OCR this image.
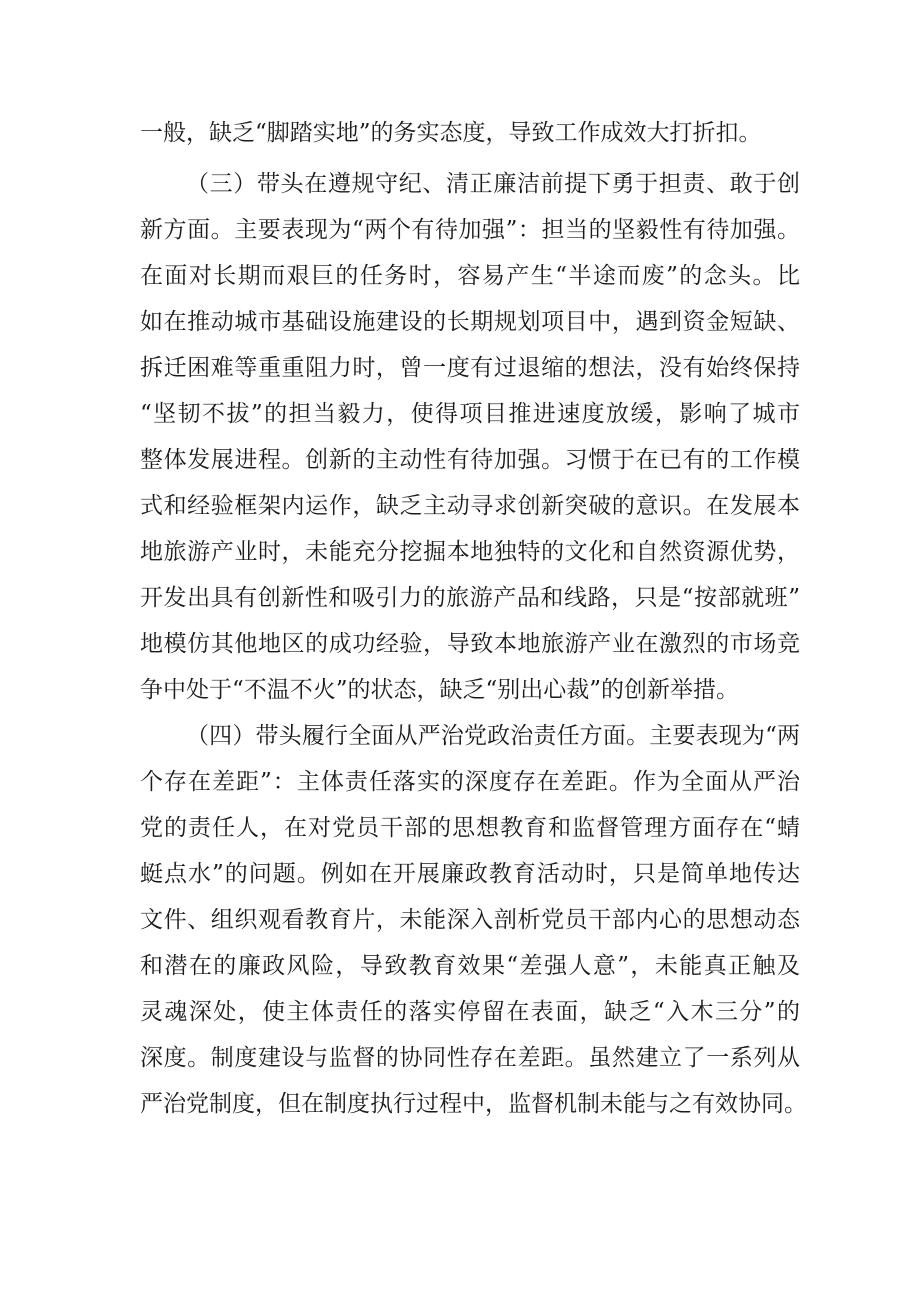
一般，缺乏“脚踏实地”的务实态度，导致工作成效大打折扣。
（三）带头在遵规守纪、清正廉洁前提下勇于担责、敢于创
新方面。主要表现为“两个有待加强”：担当的坚毅性有待加强。
在面对长期而艰巨的任务时，容易产生“半途而废”的念头。比
如在推动城市基础设施建设的长期规划项目中，遇到资金短缺、
拆迁困难等重重阻力时，曾一度有过退缩的想法，没有始终保持
“坚韧不拔”的担当毅力，使得项目推进速度放缓，影响了城市
整体发展进程。创新的主动性有待加强。习惯于在已有的工作模
式和经验框架内运作，缺乏主动寻求创新突破的意识。在发展本
地旅游产业时，未能充分挖掘本地独特的文化和自然资源优势，
开发出具有创新性和吸引力的旅游产品和线路，只是“按部就班”
地模仿其他地区的成功经验，导致本地旅游产业在激烈的市场竞
争中处于“不温不火”的状态，缺乏“别出心裁”的创新举措。
（四）带头履行全面从严治党政治责任方面。主要表现为“两
个存在差距”：主体责任落实的深度存在差距。作为全面从严治
党的责任人，在对党员干部的思想教育和监督管理方面存在“蜻
蜓点水”的问题。例如在开展廉政教育活动时，只是简单地传达
文件、组织观看教育片，未能深入剖析党员干部内心的思想动态
和潜在的廉政风险，导致教育效果“差强人意”，未能真正触及
灵魂深处，使主体责任的落实停留在表面，缺乏“入木三分”的
深度。制度建设与监督的协同性存在差距。虽然建立了一系列从
严治党制度，但在制度执行过程中，监督机制未能与之有效协同。
